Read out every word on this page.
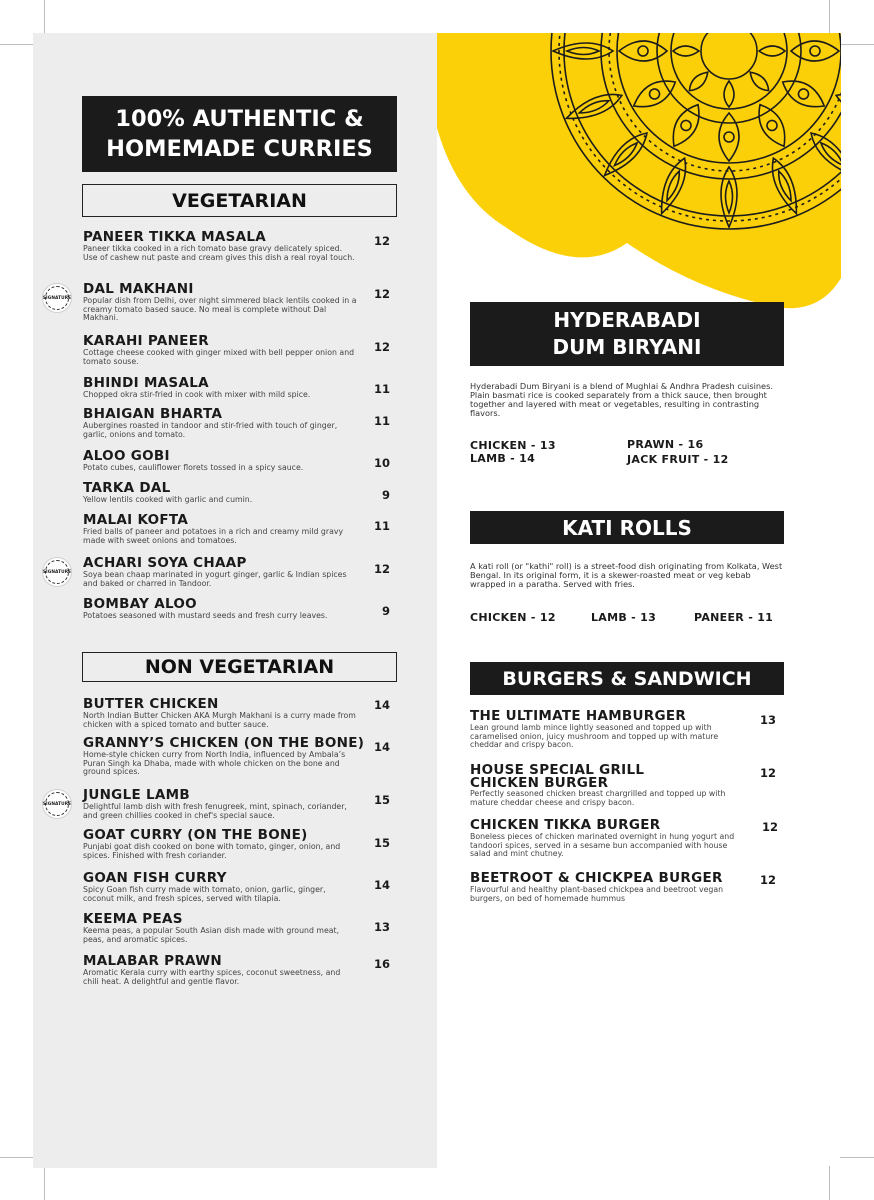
100% AUTHENTIC &
HOMEMADE CURRIES
VEGETARIAN
PANEER TIKKA MASALA
Paneer tikka cooked in a rich tomato base gravy delicately spiced. Use of cashew nut paste and cream gives this dish a real royal touch.
12
SIGNATURE
DAL MAKHANI
Popular dish from Delhi, over night simmered black lentils cooked in a creamy tomato based sauce. No meal is complete without Dal Makhani.
12
KARAHI PANEER
Cottage cheese cooked with ginger mixed with bell pepper onion and tomato souse.
12
BHINDI MASALA
Chopped okra stir-fried in cook with mixer with mild spice.	11
BHAIGAN BHARTA
Aubergines roasted in tandoor and stir-fried with touch of ginger, garlic, onions and tomato.
11
ALOO GOBI
Potato cubes, cauliflower florets tossed in a spicy sauce.	10
TARKA DAL
Yellow lentils cooked with garlic and cumin.	9
MALAI KOFTA
Fried balls of paneer and potatoes in a rich and creamy mild gravy made with sweet onions and tomatoes.
11
SIGNATURE
ACHARI SOYA CHAAP
Soya bean chaap marinated in yogurt ginger, garlic & Indian spices and baked or charred in Tandoor.
12
BOMBAY ALOO
Potatoes seasoned with mustard seeds and fresh curry leaves.	9
NON VEGETARIAN
BUTTER CHICKEN
North Indian Butter Chicken AKA Murgh Makhani is a curry made from chicken with a spiced tomato and butter sauce.
14
GRANNY’S CHICKEN (ON THE BONE)
Home-style chicken curry from North India, influenced by Ambala’s Puran Singh ka Dhaba, made with whole chicken on the bone and ground spices.
14
SIGNATURE
JUNGLE LAMB
Delightful lamb dish with fresh fenugreek, mint, spinach, coriander, and green chillies cooked in chef's special sauce.
15
GOAT CURRY (ON THE BONE)
Punjabi goat dish cooked on bone with tomato, ginger, onion, and spices. Finished with fresh coriander.
15
GOAN FISH CURRY
Spicy Goan fish curry made with tomato, onion, garlic, ginger, coconut milk, and fresh spices, served with tilapia.
14
KEEMA PEAS
Keema peas, a popular South Asian dish made with ground meat, peas, and aromatic spices.
13
MALABAR PRAWN
Aromatic Kerala curry with earthy spices, coconut sweetness, and chili heat. A delightful and gentle flavor.
16
HYDERABADI
DUM BIRYANI
Hyderabadi Dum Biryani is a blend of Mughlai & Andhra Pradesh cuisines. Plain basmati rice is cooked separately from a thick sauce, then brought together and layered with meat or vegetables, resulting in contrasting flavors.
CHICKEN - 13
LAMB - 14
PRAWN - 16
JACK FRUIT - 12
KATI ROLLS
A kati roll (or "kathi" roll) is a street-food dish originating from Kolkata, West Bengal. In its original form, it is a skewer-roasted meat or veg kebab wrapped in a paratha. Served with fries.
CHICKEN - 12	LAMB - 13	PANEER - 11
BURGERS & SANDWICH
THE ULTIMATE HAMBURGER
Lean ground lamb mince lightly seasoned and topped up with caramelised onion, juicy mushroom and topped up with mature cheddar and crispy bacon.
13
HOUSE SPECIAL GRILL CHICKEN BURGER
Perfectly seasoned chicken breast chargrilled and topped up with mature cheddar cheese and crispy bacon.
12
CHICKEN TIKKA BURGER
Boneless pieces of chicken marinated overnight in hung yogurt and tandoori spices, served in a sesame bun accompanied with house salad and mint chutney.
12
BEETROOT & CHICKPEA BURGER
Flavourful and healthy plant-based chickpea and beetroot vegan burgers, on bed of homemade hummus
12
